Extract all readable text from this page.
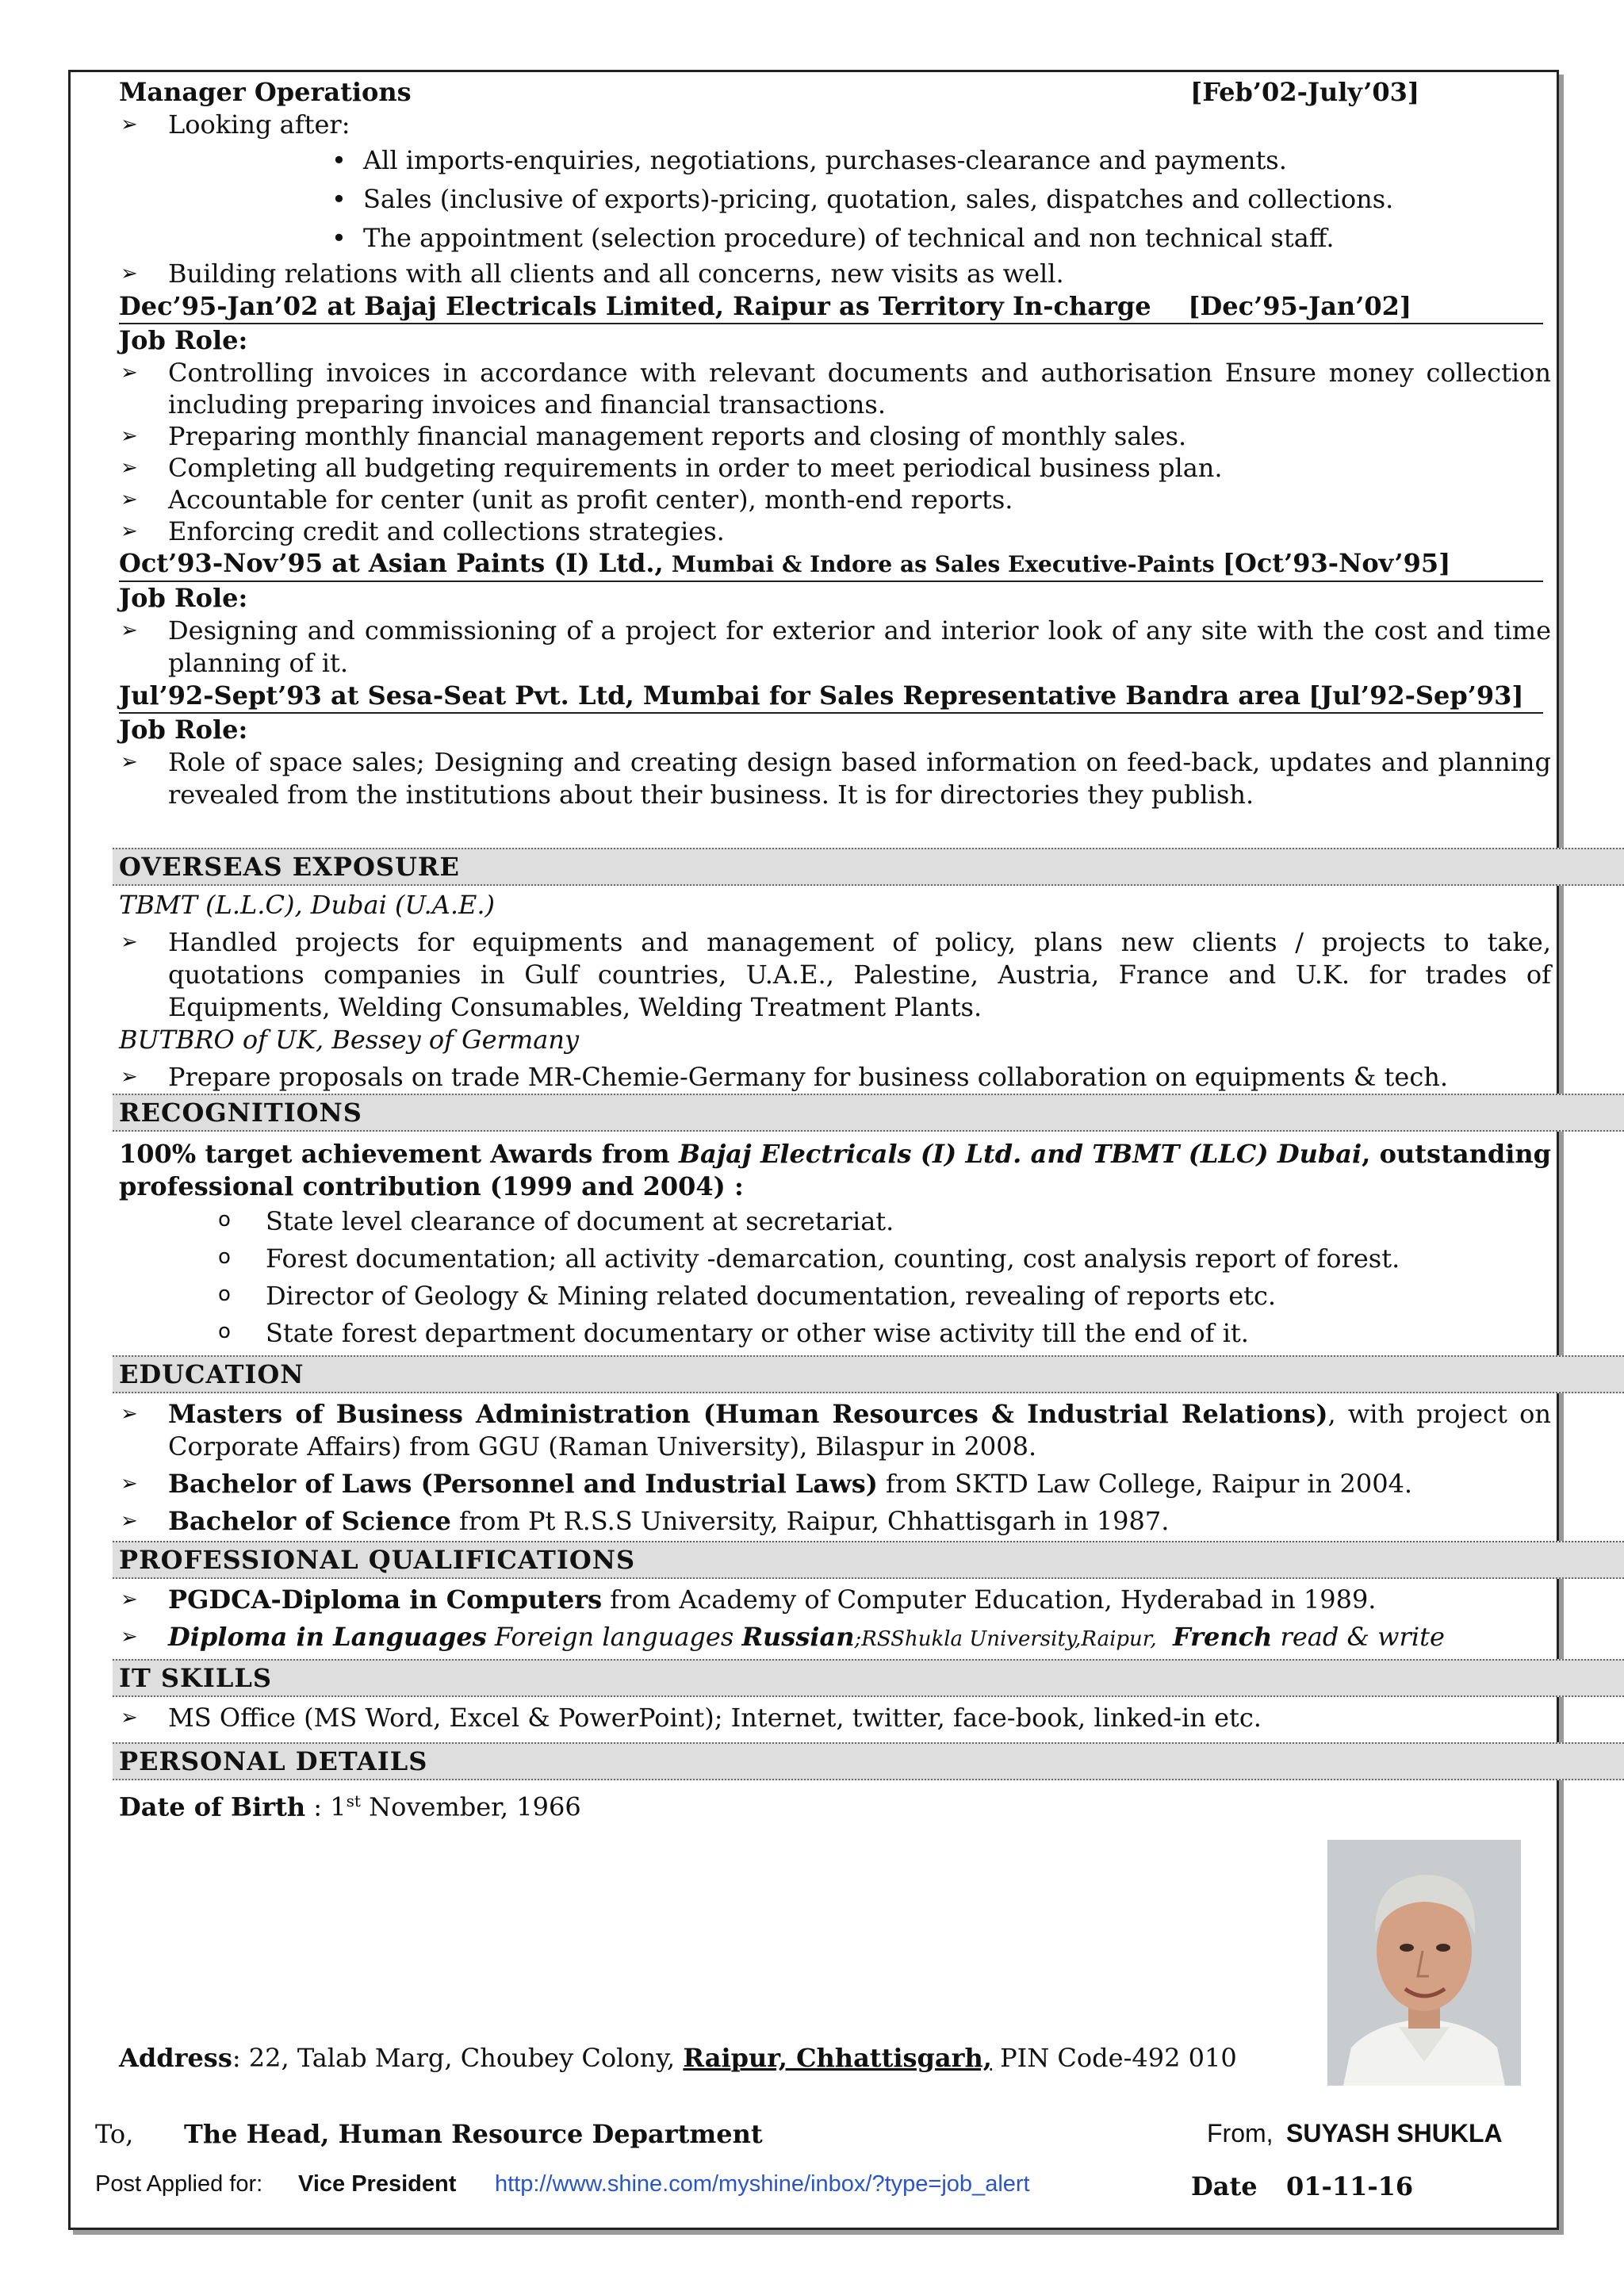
Manager Operations	[Feb’02-July’03]
➢ Looking after:
• All imports-enquiries, negotiations, purchases-clearance and payments.
• Sales (inclusive of exports)-pricing, quotation, sales, dispatches and collections.
• The appointment (selection procedure) of technical and non technical staff.
➢ Building relations with all clients and all concerns, new visits as well.
Dec’95-Jan’02 at Bajaj Electricals Limited, Raipur as Territory In-charge [Dec’95-Jan’02]
Job Role:
➢ Controlling invoices in accordance with relevant documents and authorisation Ensure money collection including preparing invoices and financial transactions.
➢ Preparing monthly financial management reports and closing of monthly sales.
➢ Completing all budgeting requirements in order to meet periodical business plan.
➢ Accountable for center (unit as profit center), month-end reports.
➢ Enforcing credit and collections strategies.
Oct’93-Nov’95 at Asian Paints (I) Ltd., Mumbai & Indore as Sales Executive-Paints [Oct’93-Nov’95]
Job Role:
➢ Designing and commissioning of a project for exterior and interior look of any site with the cost and time planning of it.
Jul’92-Sept’93 at Sesa-Seat Pvt. Ltd, Mumbai for Sales Representative Bandra area [Jul’92-Sep’93]
Job Role:
➢ Role of space sales; Designing and creating design based information on feed-back, updates and planning revealed from the institutions about their business. It is for directories they publish.
OVERSEAS EXPOSURE
TBMT (L.L.C), Dubai (U.A.E.)
➢ Handled projects for equipments and management of policy, plans new clients / projects to take, quotations companies in Gulf countries, U.A.E., Palestine, Austria, France and U.K. for trades of Equipments, Welding Consumables, Welding Treatment Plants.
BUTBRO of UK, Bessey of Germany
➢ Prepare proposals on trade MR-Chemie-Germany for business collaboration on equipments & tech.
RECOGNITIONS
100% target achievement Awards from Bajaj Electricals (I) Ltd. and TBMT (LLC) Dubai, outstanding professional contribution (1999 and 2004) :
o State level clearance of document at secretariat.
o Forest documentation; all activity -demarcation, counting, cost analysis report of forest.
o Director of Geology & Mining related documentation, revealing of reports etc.
o State forest department documentary or other wise activity till the end of it.
EDUCATION
➢ Masters of Business Administration (Human Resources & Industrial Relations), with project on Corporate Affairs) from GGU (Raman University), Bilaspur in 2008.
➢ Bachelor of Laws (Personnel and Industrial Laws) from SKTD Law College, Raipur in 2004.
➢ Bachelor of Science from Pt R.S.S University, Raipur, Chhattisgarh in 1987.
PROFESSIONAL QUALIFICATIONS
➢ PGDCA-Diploma in Computers from Academy of Computer Education, Hyderabad in 1989.
➢ Diploma in Languages Foreign languages Russian;RSShukla University,Raipur, French read & write
IT SKILLS
➢ MS Office (MS Word, Excel & PowerPoint); Internet, twitter, face-book, linked-in etc.
PERSONAL DETAILS
Date of Birth : 1st November, 1966
Address: 22, Talab Marg, Choubey Colony, Raipur, Chhattisgarh, PIN Code-492 010
To, The Head, Human Resource Department	From, SUYASH SHUKLA
Post Applied for: Vice President http://www.shine.com/myshine/inbox/?type=job_alert	Date 01-11-16
